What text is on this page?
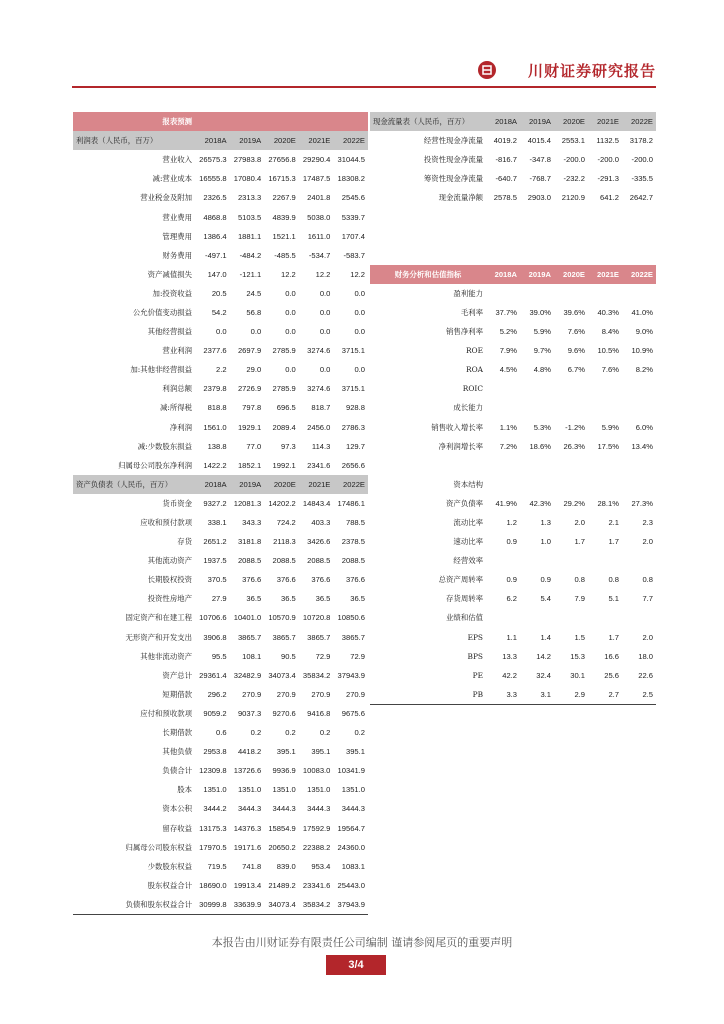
川财证券研究报告
报表预测					
利润表（人民币，百万）	2018A	2019A	2020E	2021E	2022E
营业收入	26575.3	27983.8	27656.8	29290.4	31044.5
减:营业成本	16555.8	17080.4	16715.3	17487.5	18308.2
营业税金及附加	2326.5	2313.3	2267.9	2401.8	2545.6
营业费用	4868.8	5103.5	4839.9	5038.0	5339.7
管理费用	1386.4	1881.1	1521.1	1611.0	1707.4
财务费用	-497.1	-484.2	-485.5	-534.7	-583.7
资产减值损失	147.0	-121.1	12.2	12.2	12.2
加:投资收益	20.5	24.5	0.0	0.0	0.0
公允价值变动损益	54.2	56.8	0.0	0.0	0.0
其他经营损益	0.0	0.0	0.0	0.0	0.0
营业利润	2377.6	2697.9	2785.9	3274.6	3715.1
加:其他非经营损益	2.2	29.0	0.0	0.0	0.0
利润总额	2379.8	2726.9	2785.9	3274.6	3715.1
减:所得税	818.8	797.8	696.5	818.7	928.8
净利润	1561.0	1929.1	2089.4	2456.0	2786.3
减:少数股东损益	138.8	77.0	97.3	114.3	129.7
归属母公司股东净利润	1422.2	1852.1	1992.1	2341.6	2656.6
资产负债表（人民币，百万）	2018A	2019A	2020E	2021E	2022E
货币资金	9327.2	12081.3	14202.2	14843.4	17486.1
应收和预付款项	338.1	343.3	724.2	403.3	788.5
存货	2651.2	3181.8	2118.3	3426.6	2378.5
其他流动资产	1937.5	2088.5	2088.5	2088.5	2088.5
长期股权投资	370.5	376.6	376.6	376.6	376.6
投资性房地产	27.9	36.5	36.5	36.5	36.5
固定资产和在建工程	10706.6	10401.0	10570.9	10720.8	10850.6
无形资产和开发支出	3906.8	3865.7	3865.7	3865.7	3865.7
其他非流动资产	95.5	108.1	90.5	72.9	72.9
资产总计	29361.4	32482.9	34073.4	35834.2	37943.9
短期借款	296.2	270.9	270.9	270.9	270.9
应付和预收款项	9059.2	9037.3	9270.6	9416.8	9675.6
长期借款	0.6	0.2	0.2	0.2	0.2
其他负债	2953.8	4418.2	395.1	395.1	395.1
负债合计	12309.8	13726.6	9936.9	10083.0	10341.9
股本	1351.0	1351.0	1351.0	1351.0	1351.0
资本公积	3444.2	3444.3	3444.3	3444.3	3444.3
留存收益	13175.3	14376.3	15854.9	17592.9	19564.7
归属母公司股东权益	17970.5	19171.6	20650.2	22388.2	24360.0
少数股东权益	719.5	741.8	839.0	953.4	1083.1
股东权益合计	18690.0	19913.4	21489.2	23341.6	25443.0
负债和股东权益合计	30999.8	33639.9	34073.4	35834.2	37943.9
现金流量表（人民币，百万）	2018A	2019A	2020E	2021E	2022E
经营性现金净流量	4019.2	4015.4	2553.1	1132.5	3178.2
投资性现金净流量	-816.7	-347.8	-200.0	-200.0	-200.0
筹资性现金净流量	-640.7	-768.7	-232.2	-291.3	-335.5
现金流量净额	2578.5	2903.0	2120.9	641.2	2642.7

财务分析和估值指标	2018A	2019A	2020E	2021E	2022E
盈利能力					
毛利率	37.7%	39.0%	39.6%	40.3%	41.0%
销售净利率	5.2%	5.9%	7.6%	8.4%	9.0%
ROE	7.9%	9.7%	9.6%	10.5%	10.9%
ROA	4.5%	4.8%	6.7%	7.6%	8.2%
ROIC					
成长能力					
销售收入增长率	1.1%	5.3%	-1.2%	5.9%	6.0%
净利润增长率	7.2%	18.6%	26.3%	17.5%	13.4%

资本结构					
资产负债率	41.9%	42.3%	29.2%	28.1%	27.3%
流动比率	1.2	1.3	2.0	2.1	2.3
速动比率	0.9	1.0	1.7	1.7	2.0
经营效率					
总资产周转率	0.9	0.9	0.8	0.8	0.8
存货周转率	6.2	5.4	7.9	5.1	7.7
业绩和估值					
EPS	1.1	1.4	1.5	1.7	2.0
BPS	13.3	14.2	15.3	16.6	18.0
PE	42.2	32.4	30.1	25.6	22.6
PB	3.3	3.1	2.9	2.7	2.5
本报告由川财证券有限责任公司编制 谨请参阅尾页的重要声明
3/4
